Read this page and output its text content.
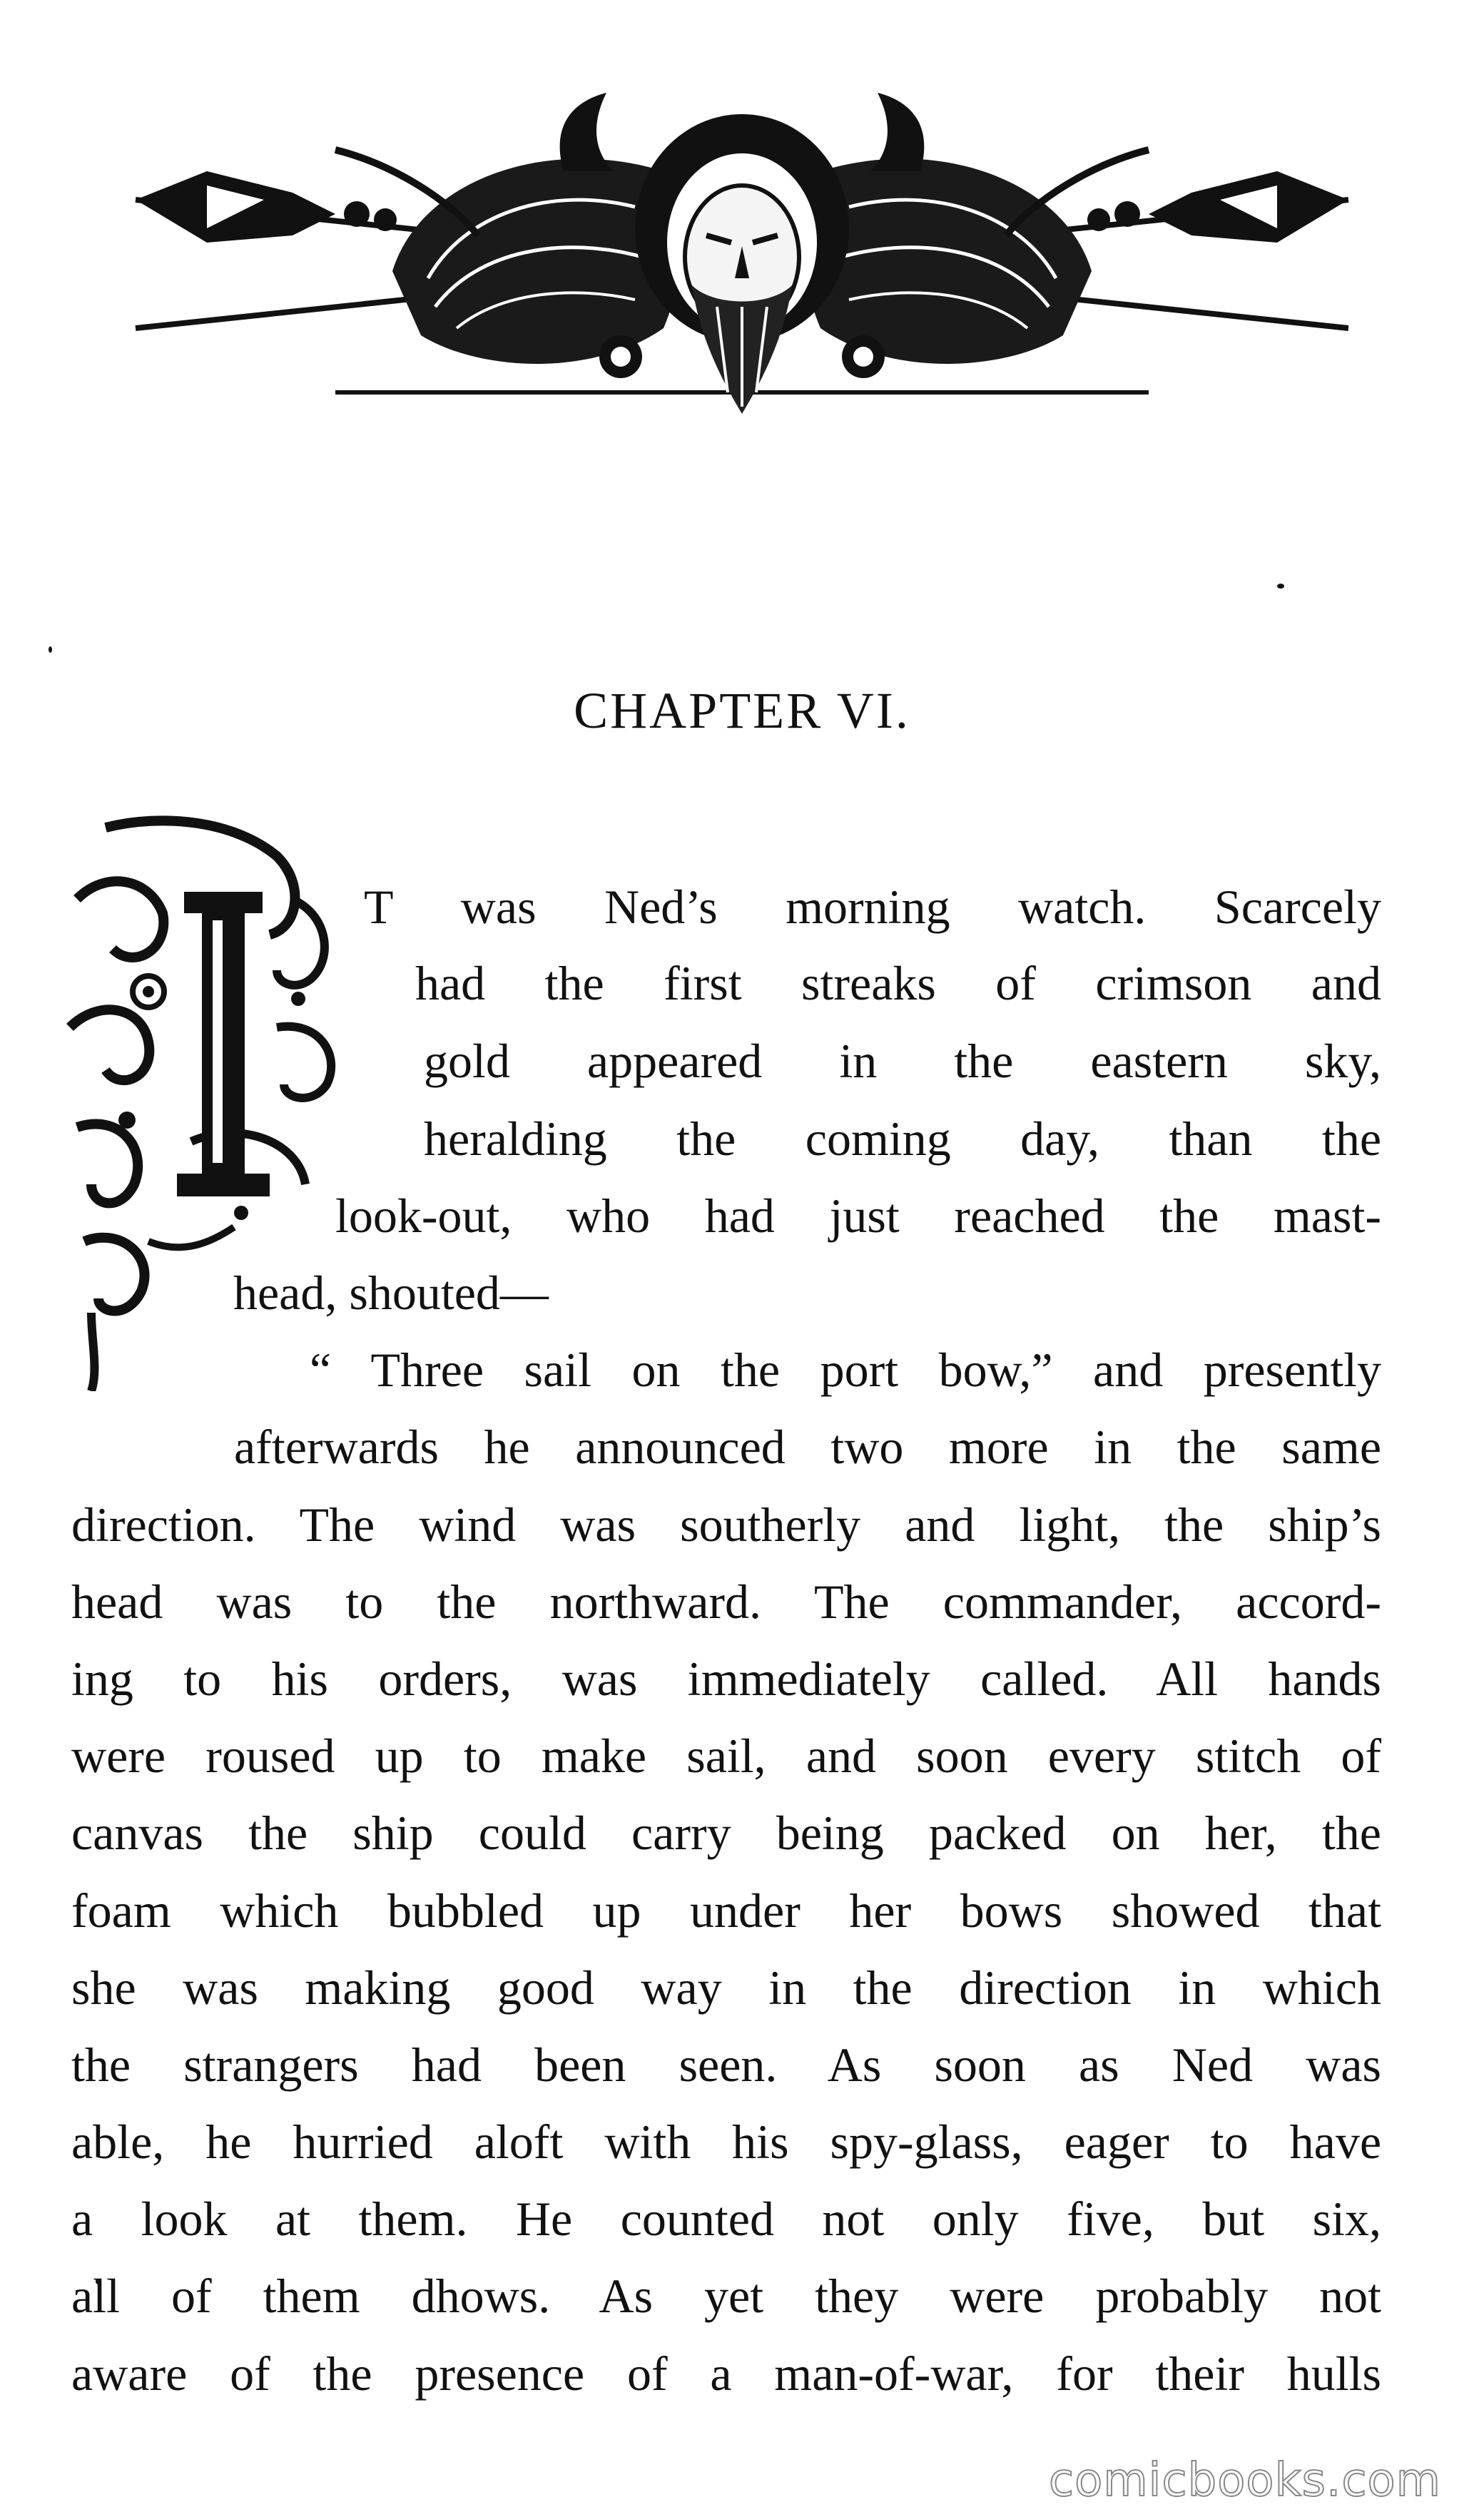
CHAPTER VI.
T was Ned’s morning watch. Scarcely
had the first streaks of crimson and
gold appeared in the eastern sky,
heralding the coming day, than the
look-out, who had just reached the mast-
head, shouted—
“ Three sail on the port bow,” and presently
afterwards he announced two more in the same
direction. The wind was southerly and light, the ship’s
head was to the northward. The commander, accord-
ing to his orders, was immediately called. All hands
were roused up to make sail, and soon every stitch of
canvas the ship could carry being packed on her, the
foam which bubbled up under her bows showed that
she was making good way in the direction in which
the strangers had been seen. As soon as Ned was
able, he hurried aloft with his spy-glass, eager to have
a look at them. He counted not only five, but six,
all of them dhows. As yet they were probably not
aware of the presence of a man-of-war, for their hulls
comicbooks.com
